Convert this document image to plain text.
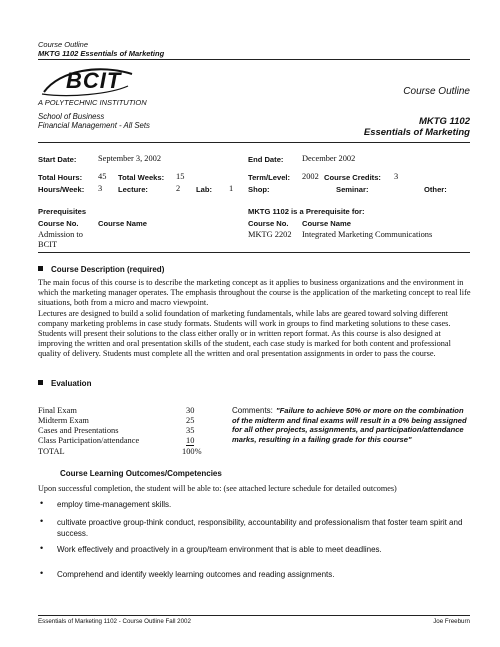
Course Outline
MKTG 1102 Essentials of Marketing
BCIT
A POLYTECHNIC INSTITUTION
Course Outline
School of Business
Financial Management - All Sets	MKTG 1102
Essentials of Marketing
Start Date:	September 3, 2002	End Date: December 2002
Total Hours: 45 Total Weeks: 15	Term/Level: 2002 Course Credits: 3
Hours/Week: 3 Lecture:	2 Lab: 1 Shop:	Seminar:	Other:
Prerequisites
Course No.	Course Name
Admission to BCIT
MKTG 1102 is a Prerequisite for:
Course No. Course Name
MKTG 2202 Integrated Marketing Communications
Course Description (required)
The main focus of this course is to describe the marketing concept as it applies to business organizations and the environment in which the marketing manager operates. The emphasis throughout the course is the application of the marketing concept to real life situations, both from a micro and macro viewpoint.
Lectures are designed to build a solid foundation of marketing fundamentals, while labs are geared toward solving different company marketing problems in case study formats. Students will work in groups to find marketing solutions to these cases. Students will present their solutions to the class either orally or in written report format. As this course is also designed at improving the written and oral presentation skills of the student, each case study is marked for both content and professional quality of delivery. Students must complete all the written and oral presentation assignments in order to pass the course.
Evaluation
Final Exam	30
Midterm Exam	25
Cases and Presentations	35
Class Participation/attendance	10
TOTAL	100%
Comments: "Failure to achieve 50% or more on the combination of the midterm and final exams will result in a 0% being assigned for all other projects, assignments, and participation/attendance marks, resulting in a failing grade for this course"
Course Learning Outcomes/Competencies
Upon successful completion, the student will be able to: (see attached lecture schedule for detailed outcomes)
• employ time-management skills.
• cultivate proactive group-think conduct, responsibility, accountability and professionalism that foster team spirit and success.
• Work effectively and proactively in a group/team environment that is able to meet deadlines.
• Comprehend and identify weekly learning outcomes and reading assignments.
Essentials of Marketing 1102 - Course Outline Fall 2002	Joe Freeburn
